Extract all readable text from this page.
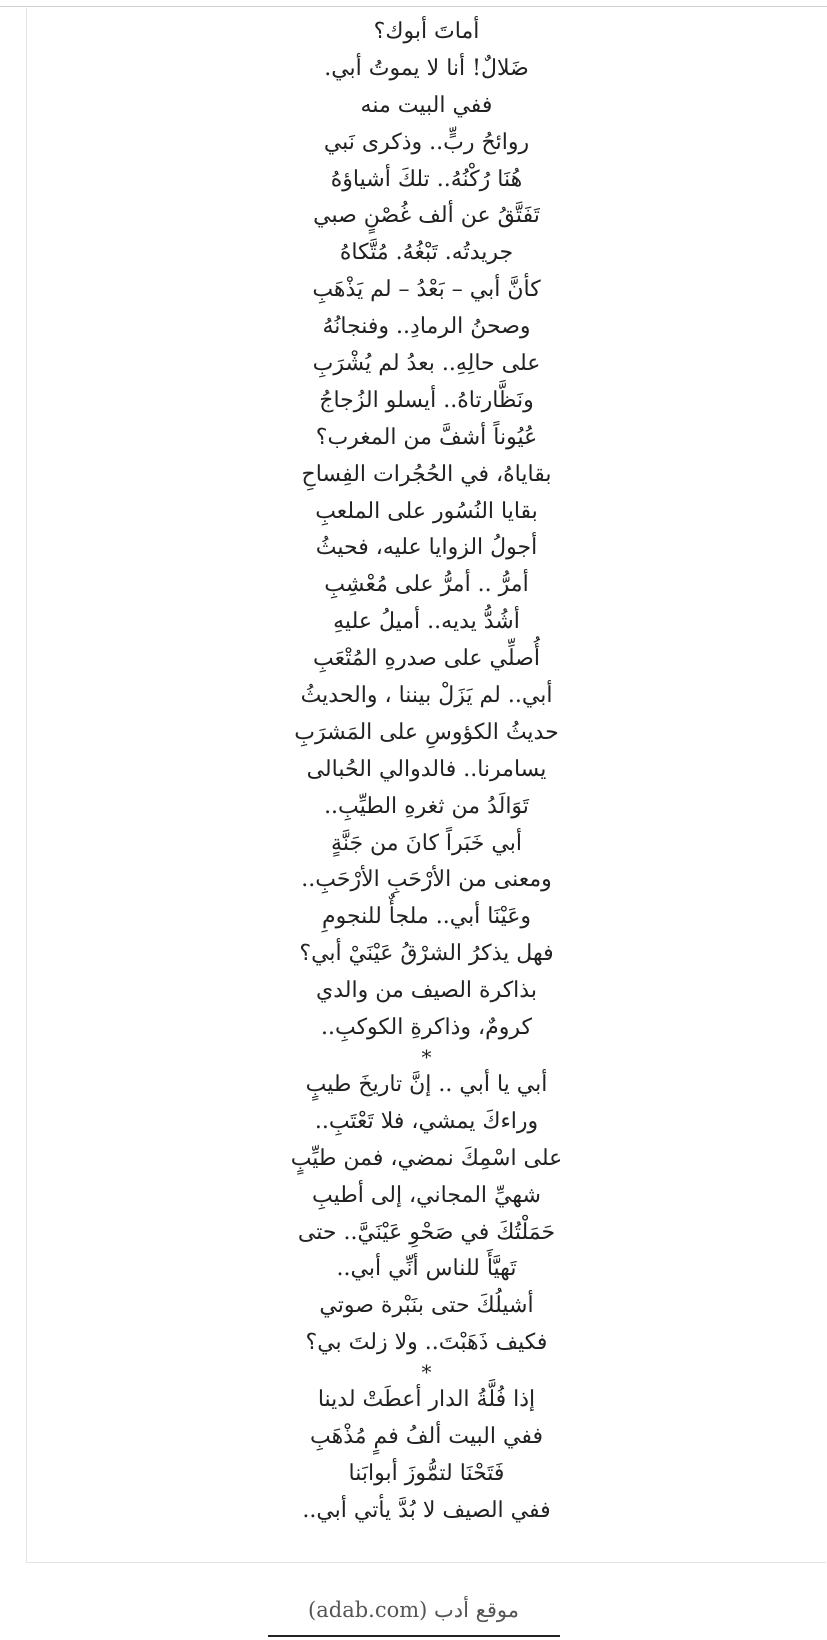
أماتَ أبوك؟
ضَلالٌ! أنا لا يموتُ أبي.
ففي البيت منه
روائحُ ربٍّ.. وذكرى نَبي
هُنَا رُكْنُهُ.. تلكَ أشياؤهُ
تَفَتَّقُ عن ألف غُصْنٍ صبي
جريدتُه. تَبْغُهُ. مُتَّكاهُ
كأنَّ أبي – بَعْدُ – لم يَذْهَبِ
وصحنُ الرمادِ.. وفنجانُهُ
على حالِهِ.. بعدُ لم يُشْرَبِ
ونَظَّارتاهُ.. أيسلو الزُجاجُ
عُيُوناً أشفَّ من المغرب؟
بقاياهُ، في الحُجُرات الفِساحِ
بقايا النُسُور على الملعبِ
أجولُ الزوايا عليه، فحيثُ
أمرُّ .. أمرُّ على مُعْشِبِ
أشُدُّ يديه.. أميلُ عليهِ
أُصلِّي على صدرهِ المُتْعَبِ
أبي.. لم يَزَلْ بيننا ، والحديثُ
حديثُ الكؤوسِ على المَشرَبِ
يسامرنا.. فالدوالي الحُبالى
تَوَالَدُ من ثغرهِ الطيِّبِ..
أبي خَبَراً كانَ من جَنَّةٍ
ومعنى من الأرْحَبِ الأرْحَبِ..
وعَيْنَا أبي.. ملجأٌ للنجومِ
فهل يذكرُ الشرْقُ عَيْنَيْ أبي؟
بذاكرة الصيف من والدي
كرومٌ، وذاكرةِ الكوكبِ..
*
أبي يا أبي .. إنَّ تاريخَ طيبٍ
وراءكَ يمشي، فلا تَعْتَبِ..
على اسْمِكَ نمضي، فمن طيِّبٍ
شهيِّ المجاني، إلى أطيبِ
حَمَلْتُكَ في صَحْوِ عَيْنَيَّ.. حتى
تَهيَّأَ للناس أنِّي أبي..
أشيلُكَ حتى بنَبْرة صوتي
فكيف ذَهَبْتَ.. ولا زلتَ بي؟
*
إذا فُلَّةُ الدار أعطَتْ لدينا
ففي البيت ألفُ فمٍ مُذْهَبِ
فَتَحْنَا لتمُّوزَ أبوابَنا
ففي الصيف لا بُدَّ يأتي أبي..
موقع أدب (adab.com)
